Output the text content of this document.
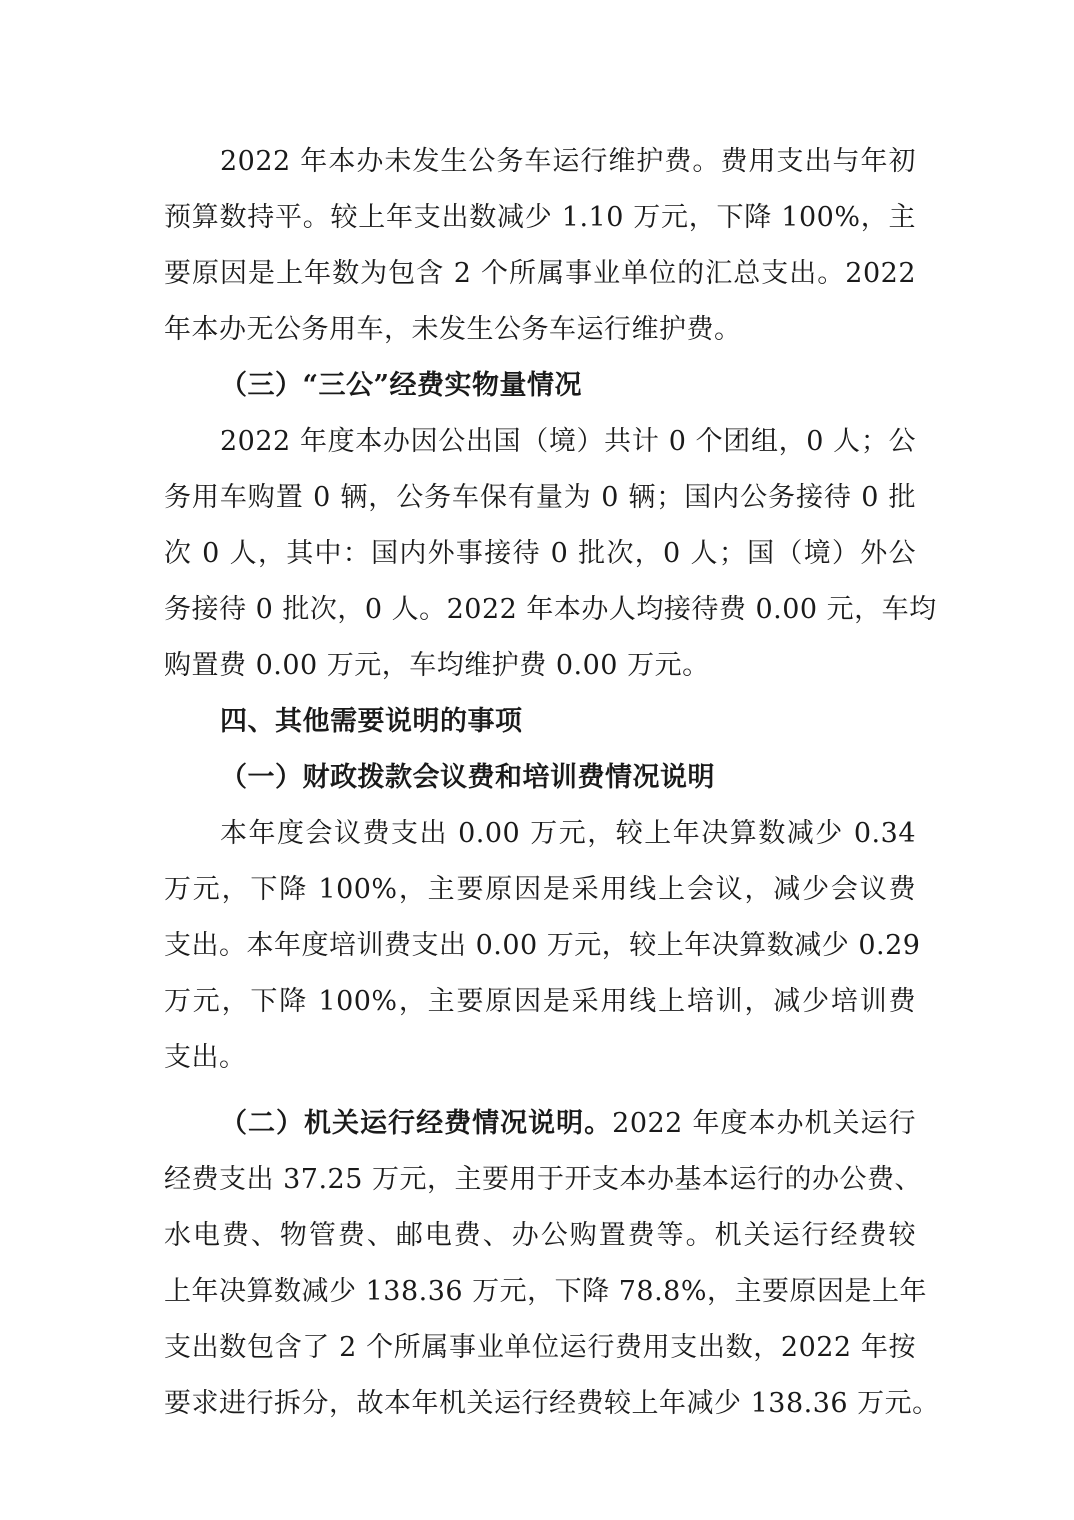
2022 年本办未发生公务车运行维护费。费用支出与年初
预算数持平。较上年支出数减少 1.10 万元，下降 100%，主
要原因是上年数为包含 2 个所属事业单位的汇总支出。2022
年本办无公务用车，未发生公务车运行维护费。
（三）“三公”经费实物量情况
2022 年度本办因公出国（境）共计 0 个团组，0 人；公
务用车购置 0 辆，公务车保有量为 0 辆；国内公务接待 0 批
次 0 人，其中：国内外事接待 0 批次，0 人；国（境）外公
务接待 0 批次，0 人。2022 年本办人均接待费 0.00 元，车均
购置费 0.00 万元，车均维护费 0.00 万元。
四、其他需要说明的事项
（一）财政拨款会议费和培训费情况说明
本年度会议费支出 0.00 万元，较上年决算数减少 0.34
万元，下降 100%，主要原因是采用线上会议，减少会议费
支出。本年度培训费支出 0.00 万元，较上年决算数减少 0.29
万元，下降 100%，主要原因是采用线上培训，减少培训费
支出。
（二）机关运行经费情况说明。2022 年度本办机关运行
经费支出 37.25 万元，主要用于开支本办基本运行的办公费、
水电费、物管费、邮电费、办公购置费等。机关运行经费较
上年决算数减少 138.36 万元，下降 78.8%，主要原因是上年
支出数包含了 2 个所属事业单位运行费用支出数，2022 年按
要求进行拆分，故本年机关运行经费较上年减少 138.36 万元。
